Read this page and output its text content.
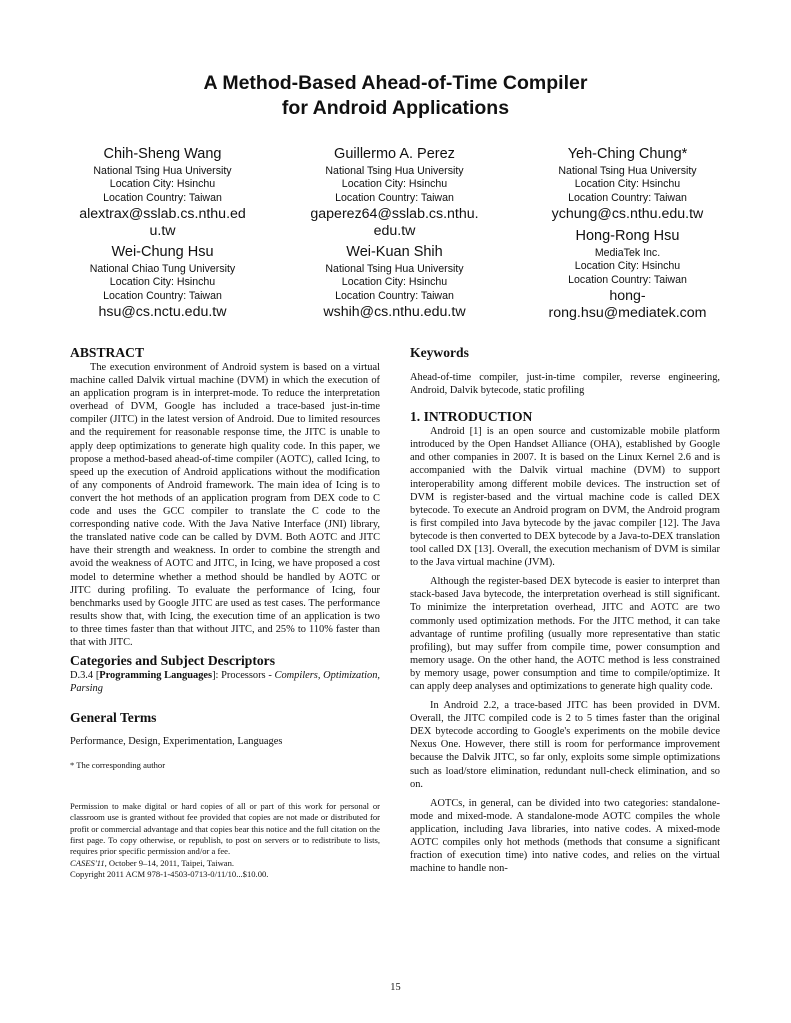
A Method-Based Ahead-of-Time Compiler
for Android Applications
Chih-Sheng Wang
National Tsing Hua University
Location City: Hsinchu
Location Country: Taiwan
alextrax@sslab.cs.nthu.ed
u.tw
Guillermo A. Perez
National Tsing Hua University
Location City: Hsinchu
Location Country: Taiwan
gaperez64@sslab.cs.nthu.
edu.tw
Yeh-Ching Chung*
National Tsing Hua University
Location City: Hsinchu
Location Country: Taiwan
ychung@cs.nthu.edu.tw
Wei-Chung Hsu
National Chiao Tung University
Location City: Hsinchu
Location Country: Taiwan
hsu@cs.nctu.edu.tw
Wei-Kuan Shih
National Tsing Hua University
Location City: Hsinchu
Location Country: Taiwan
wshih@cs.nthu.edu.tw
Hong-Rong Hsu
MediaTek Inc.
Location City: Hsinchu
Location Country: Taiwan
hong-
rong.hsu@mediatek.com
ABSTRACT

The execution environment of Android system is based on a virtual machine called Dalvik virtual machine (DVM) in which the execution of an application program is in interpret-mode. To reduce the interpretation overhead of DVM, Google has included a trace-based just-in-time compiler (JITC) in the latest version of Android. Due to limited resources and the requirement for reasonable response time, the JITC is unable to apply deep optimizations to generate high quality code. In this paper, we propose a method-based ahead-of-time compiler (AOTC), called Icing, to speed up the execution of Android applications without the modification of any components of Android framework. The main idea of Icing is to convert the hot methods of an application program from DEX code to C code and uses the GCC compiler to translate the C code to the corresponding native code. With the Java Native Interface (JNI) library, the translated native code can be called by DVM. Both AOTC and JITC have their strength and weakness. In order to combine the strength and avoid the weakness of AOTC and JITC, in Icing, we have proposed a cost model to determine whether a method should be handled by AOTC or JITC during profiling. To evaluate the performance of Icing, four benchmarks used by Google JITC are used as test cases. The performance results show that, with Icing, the execution time of an application is two to three times faster than that without JITC, and 25% to 110% faster than that with JITC.

Categories and Subject Descriptors

D.3.4 [Programming Languages]: Processors - Compilers, Optimization, Parsing

General Terms

Performance, Design, Experimentation, Languages

* The corresponding author

Permission to make digital or hard copies of all or part of this work for personal or classroom use is granted without fee provided that copies are not made or distributed for profit or commercial advantage and that copies bear this notice and the full citation on the first page. To copy otherwise, or republish, to post on servers or to redistribute to lists, requires prior specific permission and/or a fee.

CASES'11, October 9–14, 2011, Taipei, Taiwan.

Copyright 2011 ACM 978-1-4503-0713-0/11/10...$10.00.

Keywords

Ahead-of-time compiler, just-in-time compiler, reverse engineering, Android, Dalvik bytecode, static profiling

1. INTRODUCTION

Android [1] is an open source and customizable mobile platform introduced by the Open Handset Alliance (OHA), established by Google and other companies in 2007. It is based on the Linux Kernel 2.6 and is accompanied with the Dalvik virtual machine (DVM) to support interoperability among different mobile devices. The instruction set of DVM is register-based and the virtual machine code is called DEX bytecode. To execute an Android program on DVM, the Android program is first compiled into Java bytecode by the javac compiler [12]. The Java bytecode is then converted to DEX bytecode by a Java-to-DEX translation tool called DX [13]. Overall, the execution mechanism of DVM is similar to the Java virtual machine (JVM).

Although the register-based DEX bytecode is easier to interpret than stack-based Java bytecode, the interpretation overhead is still significant. To minimize the interpretation overhead, JITC and AOTC are two commonly used optimization methods. For the JITC method, it can take advantage of runtime profiling (usually more representative than static profiling), but may suffer from compile time, power consumption and memory usage. On the other hand, the AOTC method is less constrained by memory usage, power consumption and time to compile/optimize. It can apply deep analyses and optimizations to generate high quality code.

In Android 2.2, a trace-based JITC has been provided in DVM. Overall, the JITC compiled code is 2 to 5 times faster than the original DEX bytecode according to Google's experiments on the mobile device Nexus One. However, there still is room for performance improvement because the Dalvik JITC, so far only, exploits some simple optimizations such as load/store elimination, redundant null-check elimination, and so on.

AOTCs, in general, can be divided into two categories: standalone-mode and mixed-mode. A standalone-mode AOTC compiles the whole application, including Java libraries, into native codes. A mixed-mode AOTC compiles only hot methods (methods that consume a significant fraction of execution time) into native codes, and relies on the virtual machine to handle non-

15
